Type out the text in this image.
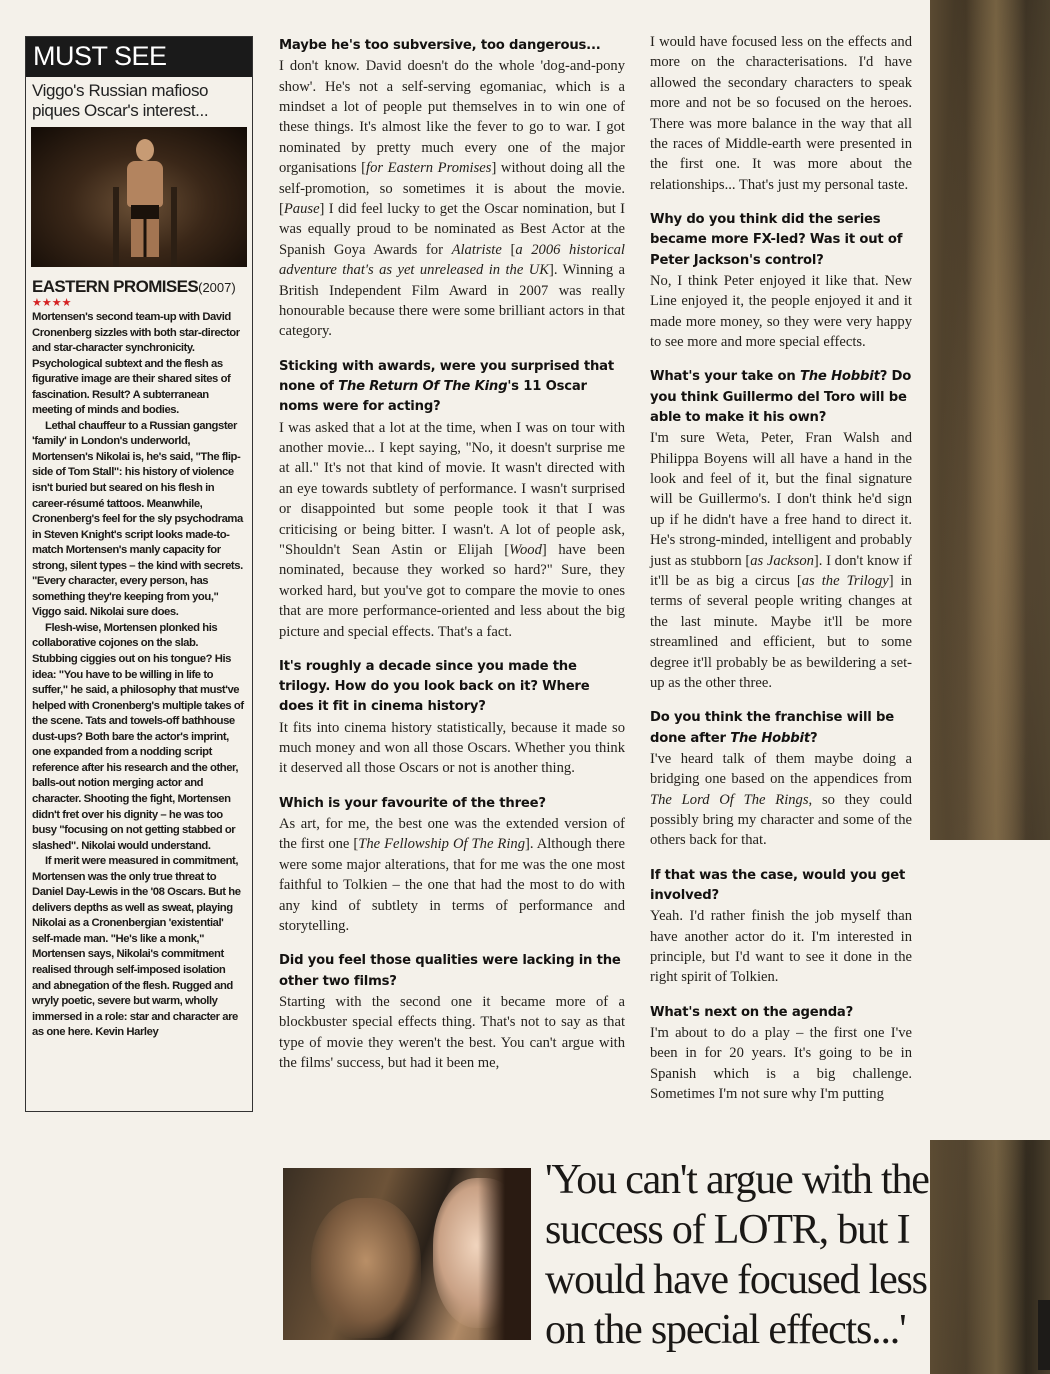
MUST SEE
Viggo's Russian mafioso piques Oscar's interest...
EASTERN PROMISES(2007)
★★★★

Mortensen's second team-up with David Cronenberg sizzles with both star-director and star-character synchronicity. Psychological subtext and the flesh as figurative image are their shared sites of fascination. Result? A subterranean meeting of minds and bodies.

Lethal chauffeur to a Russian gangster 'family' in London's underworld, Mortensen's Nikolai is, he's said, "The flip-side of Tom Stall": his history of violence isn't buried but seared on his flesh in career-résumé tattoos. Meanwhile, Cronenberg's feel for the sly psychodrama in Steven Knight's script looks made-to-match Mortensen's manly capacity for strong, silent types – the kind with secrets. "Every character, every person, has something they're keeping from you," Viggo said. Nikolai sure does.

Flesh-wise, Mortensen plonked his collaborative cojones on the slab. Stubbing ciggies out on his tongue? His idea: "You have to be willing in life to suffer," he said, a philosophy that must've helped with Cronenberg's multiple takes of the scene. Tats and towels-off bathhouse dust-ups? Both bare the actor's imprint, one expanded from a nodding script reference after his research and the other, balls-out notion merging actor and character. Shooting the fight, Mortensen didn't fret over his dignity – he was too busy "focusing on not getting stabbed or slashed". Nikolai would understand.

If merit were measured in commitment, Mortensen was the only true threat to Daniel Day-Lewis in the '08 Oscars. But he delivers depths as well as sweat, playing Nikolai as a Cronenbergian 'existential' self-made man. "He's like a monk," Mortensen says, Nikolai's commitment realised through self-imposed isolation and abnegation of the flesh. Rugged and wryly poetic, severe but warm, wholly immersed in a role: star and character are as one here. Kevin Harley

Maybe he's too subversive, too dangerous...
I don't know. David doesn't do the whole 'dog-and-pony show'. He's not a self-serving egomaniac, which is a mindset a lot of people put themselves in to win one of these things. It's almost like the fever to go to war. I got nominated by pretty much every one of the major organisations [for Eastern Promises] without doing all the self-promotion, so sometimes it is about the movie. [Pause] I did feel lucky to get the Oscar nomination, but I was equally proud to be nominated as Best Actor at the Spanish Goya Awards for Alatriste [a 2006 historical adventure that's as yet unreleased in the UK]. Winning a British Independent Film Award in 2007 was really honourable because there were some brilliant actors in that category.
Sticking with awards, were you surprised that none of The Return Of The King's 11 Oscar noms were for acting?
I was asked that a lot at the time, when I was on tour with another movie... I kept saying, "No, it doesn't surprise me at all." It's not that kind of movie. It wasn't directed with an eye towards subtlety of performance. I wasn't surprised or disappointed but some people took it that I was criticising or being bitter. I wasn't. A lot of people ask, "Shouldn't Sean Astin or Elijah [Wood] have been nominated, because they worked so hard?" Sure, they worked hard, but you've got to compare the movie to ones that are more performance-oriented and less about the big picture and special effects. That's a fact.
It's roughly a decade since you made the trilogy. How do you look back on it? Where does it fit in cinema history?
It fits into cinema history statistically, because it made so much money and won all those Oscars. Whether you think it deserved all those Oscars or not is another thing.
Which is your favourite of the three?
As art, for me, the best one was the extended version of the first one [The Fellowship Of The Ring]. Although there were some major alterations, that for me was the one most faithful to Tolkien – the one that had the most to do with any kind of subtlety in terms of performance and storytelling.
Did you feel those qualities were lacking in the other two films?
Starting with the second one it became more of a blockbuster special effects thing. That's not to say as that type of movie they weren't the best. You can't argue with the films' success, but had it been me,
I would have focused less on the effects and more on the characterisations. I'd have allowed the secondary characters to speak more and not be so focused on the heroes. There was more balance in the way that all the races of Middle-earth were presented in the first one. It was more about the relationships... That's just my personal taste.
Why do you think did the series became more FX-led? Was it out of Peter Jackson's control?
No, I think Peter enjoyed it like that. New Line enjoyed it, the people enjoyed it and it made more money, so they were very happy to see more and more special effects.
What's your take on The Hobbit? Do you think Guillermo del Toro will be able to make it his own?
I'm sure Weta, Peter, Fran Walsh and Philippa Boyens will all have a hand in the look and feel of it, but the final signature will be Guillermo's. I don't think he'd sign up if he didn't have a free hand to direct it. He's strong-minded, intelligent and probably just as stubborn [as Jackson]. I don't know if it'll be as big a circus [as the Trilogy] in terms of several people writing changes at the last minute. Maybe it'll be more streamlined and efficient, but to some degree it'll probably be as bewildering a set-up as the other three.
Do you think the franchise will be done after The Hobbit?
I've heard talk of them maybe doing a bridging one based on the appendices from The Lord Of The Rings, so they could possibly bring my character and some of the others back for that.
If that was the case, would you get involved?
Yeah. I'd rather finish the job myself than have another actor do it. I'm interested in principle, but I'd want to see it done in the right spirit of Tolkien.
What's next on the agenda?
I'm about to do a play – the first one I've been in for 20 years. It's going to be in Spanish which is a big challenge. Sometimes I'm not sure why I'm putting
'You can't argue with the
success of LOTR, but I
would have focused less
on the special effects...'
